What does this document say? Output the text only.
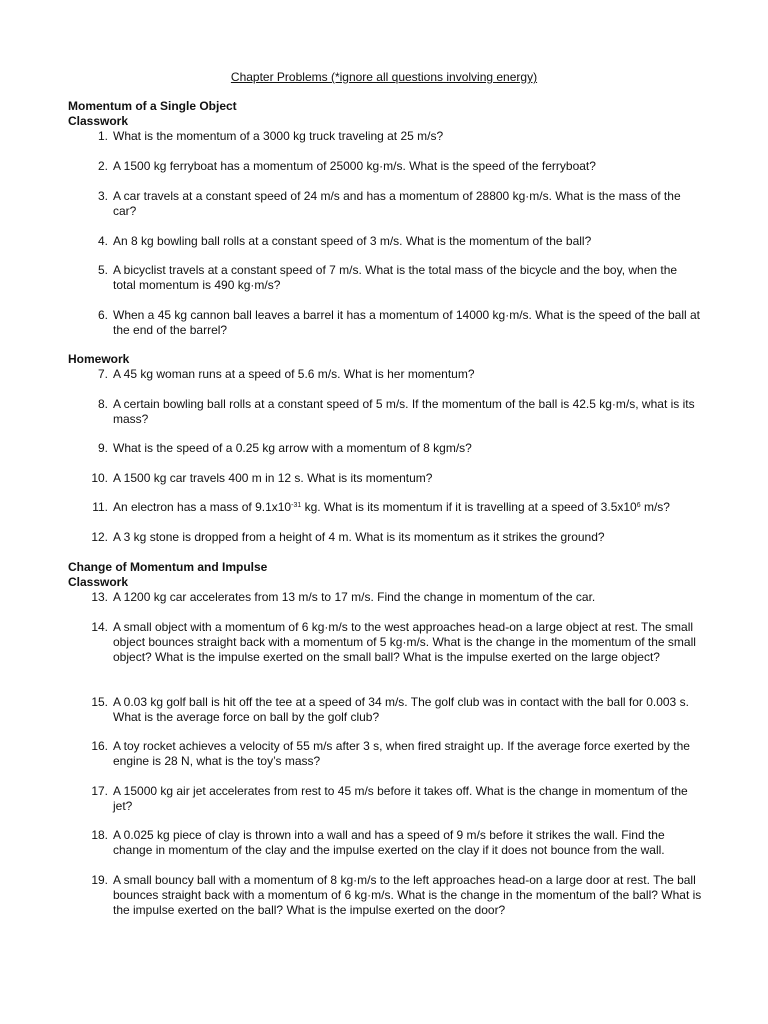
Chapter Problems (*ignore all questions involving energy)
Momentum of a Single Object
Classwork
1. What is the momentum of a 3000 kg truck traveling at 25 m/s?
2. A 1500 kg ferryboat has a momentum of 25000 kg·m/s. What is the speed of the ferryboat?
3. A car travels at a constant speed of 24 m/s and has a momentum of 28800 kg·m/s. What is the mass of the car?
4. An 8 kg bowling ball rolls at a constant speed of 3 m/s. What is the momentum of the ball?
5. A bicyclist travels at a constant speed of 7 m/s. What is the total mass of the bicycle and the boy, when the total momentum is 490 kg·m/s?
6. When a 45 kg cannon ball leaves a barrel it has a momentum of 14000 kg·m/s. What is the speed of the ball at the end of the barrel?
Homework
7. A 45 kg woman runs at a speed of 5.6 m/s. What is her momentum?
8. A certain bowling ball rolls at a constant speed of 5 m/s. If the momentum of the ball is 42.5 kg·m/s, what is its mass?
9. What is the speed of a 0.25 kg arrow with a momentum of 8 kgm/s?
10. A 1500 kg car travels 400 m in 12 s. What is its momentum?
11. An electron has a mass of $9.1x10^{-31}$ kg. What is its momentum if it is travelling at a speed of $3.5x10^6$ m/s?
12. A 3 kg stone is dropped from a height of 4 m. What is its momentum as it strikes the ground?
Change of Momentum and Impulse
Classwork
13. A 1200 kg car accelerates from 13 m/s to 17 m/s. Find the change in momentum of the car.
14. A small object with a momentum of 6 kg·m/s to the west approaches head-on a large object at rest. The small object bounces straight back with a momentum of 5 kg·m/s. What is the change in the momentum of the small object? What is the impulse exerted on the small ball? What is the impulse exerted on the large object?
15. A 0.03 kg golf ball is hit off the tee at a speed of 34 m/s. The golf club was in contact with the ball for 0.003 s. What is the average force on ball by the golf club?
16. A toy rocket achieves a velocity of 55 m/s after 3 s, when fired straight up. If the average force exerted by the engine is 28 N, what is the toy’s mass?
17. A 15000 kg air jet accelerates from rest to 45 m/s before it takes off. What is the change in momentum of the jet?
18. A 0.025 kg piece of clay is thrown into a wall and has a speed of 9 m/s before it strikes the wall. Find the change in momentum of the clay and the impulse exerted on the clay if it does not bounce from the wall.
19. A small bouncy ball with a momentum of 8 kg·m/s to the left approaches head-on a large door at rest. The ball bounces straight back with a momentum of 6 kg·m/s. What is the change in the momentum of the ball? What is the impulse exerted on the ball? What is the impulse exerted on the door?
